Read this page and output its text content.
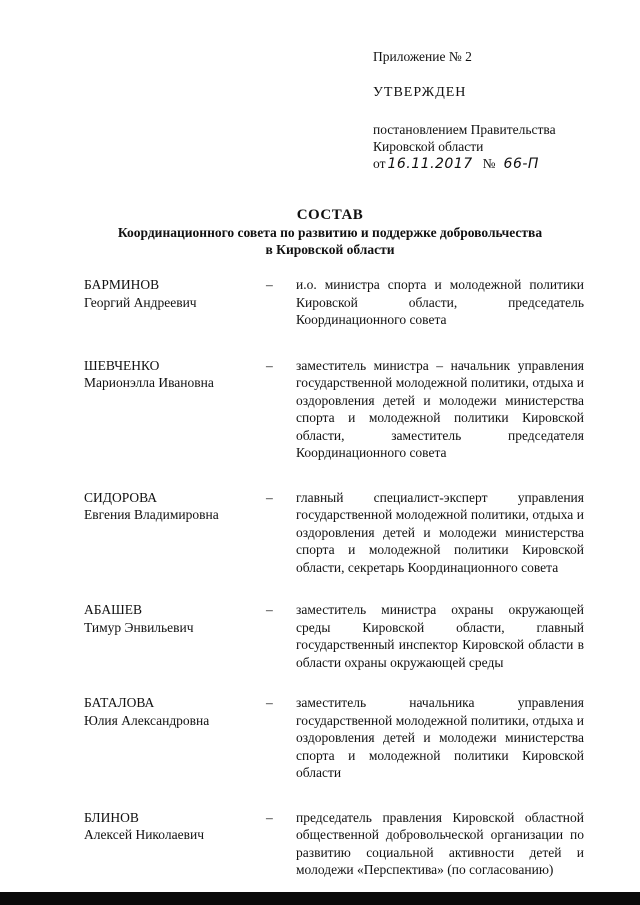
Приложение № 2
УТВЕРЖДЕН
постановлением Правительства
Кировской области
от 16.11.2017 № 66-П
СОСТАВ
Координационного совета по развитию и поддержке добровольчества
в Кировской области
БАРМИНОВ
Георгий Андреевич
–	и.о. министра спорта и молодежной политики Кировской области, председатель Координационного совета
ШЕВЧЕНКО
Марионэлла Ивановна
–	заместитель министра – начальник управления государственной молодежной политики, отдыха и оздоровления детей и молодежи министерства спорта и молодежной политики Кировской области, заместитель председателя Координационного совета
СИДОРОВА
Евгения Владимировна
–	главный специалист-эксперт управления государственной молодежной политики, отдыха и оздоровления детей и молодежи министерства спорта и молодежной политики Кировской области, секретарь Координационного совета
АБАШЕВ
Тимур Энвильевич
–	заместитель министра охраны окружающей среды Кировской области, главный государственный инспектор Кировской области в области охраны окружающей среды
БАТАЛОВА
Юлия Александровна
–	заместитель начальника управления государственной молодежной политики, отдыха и оздоровления детей и молодежи министерства спорта и молодежной политики Кировской области
БЛИНОВ
Алексей Николаевич
–	председатель правления Кировской областной общественной добровольческой организации по развитию социальной активности детей и молодежи «Перспектива» (по согласованию)
